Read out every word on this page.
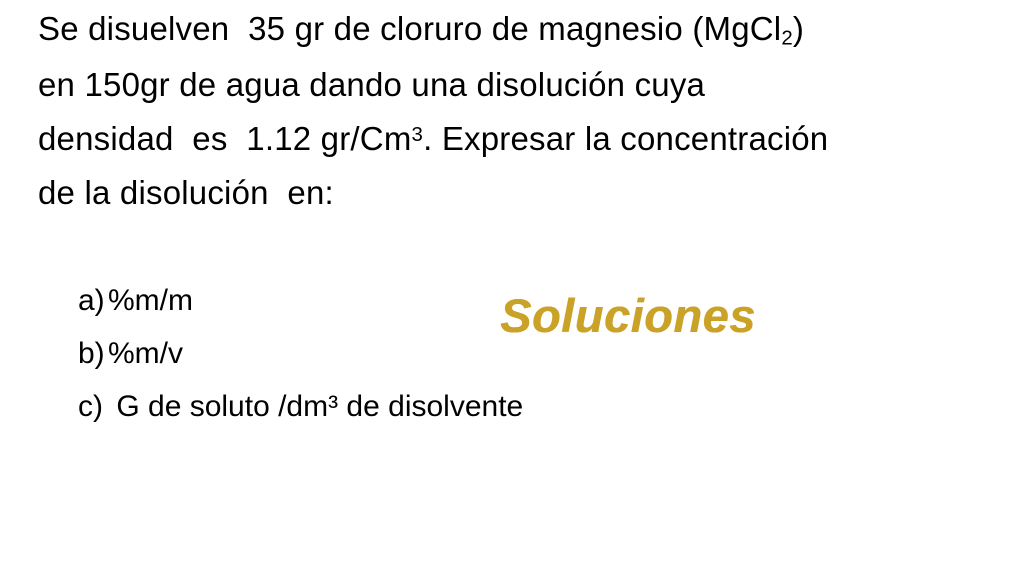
Se disuelven  35 gr de cloruro de magnesio (MgCl$_2$)

en 150gr de agua dando una disolución cuya

densidad  es  1.12 gr/Cm$^3$. Expresar la concentración

de la disolución  en:

a) %m/m
b) %m/v
c) G de soluto /dm³ de disolvente
Soluciones
